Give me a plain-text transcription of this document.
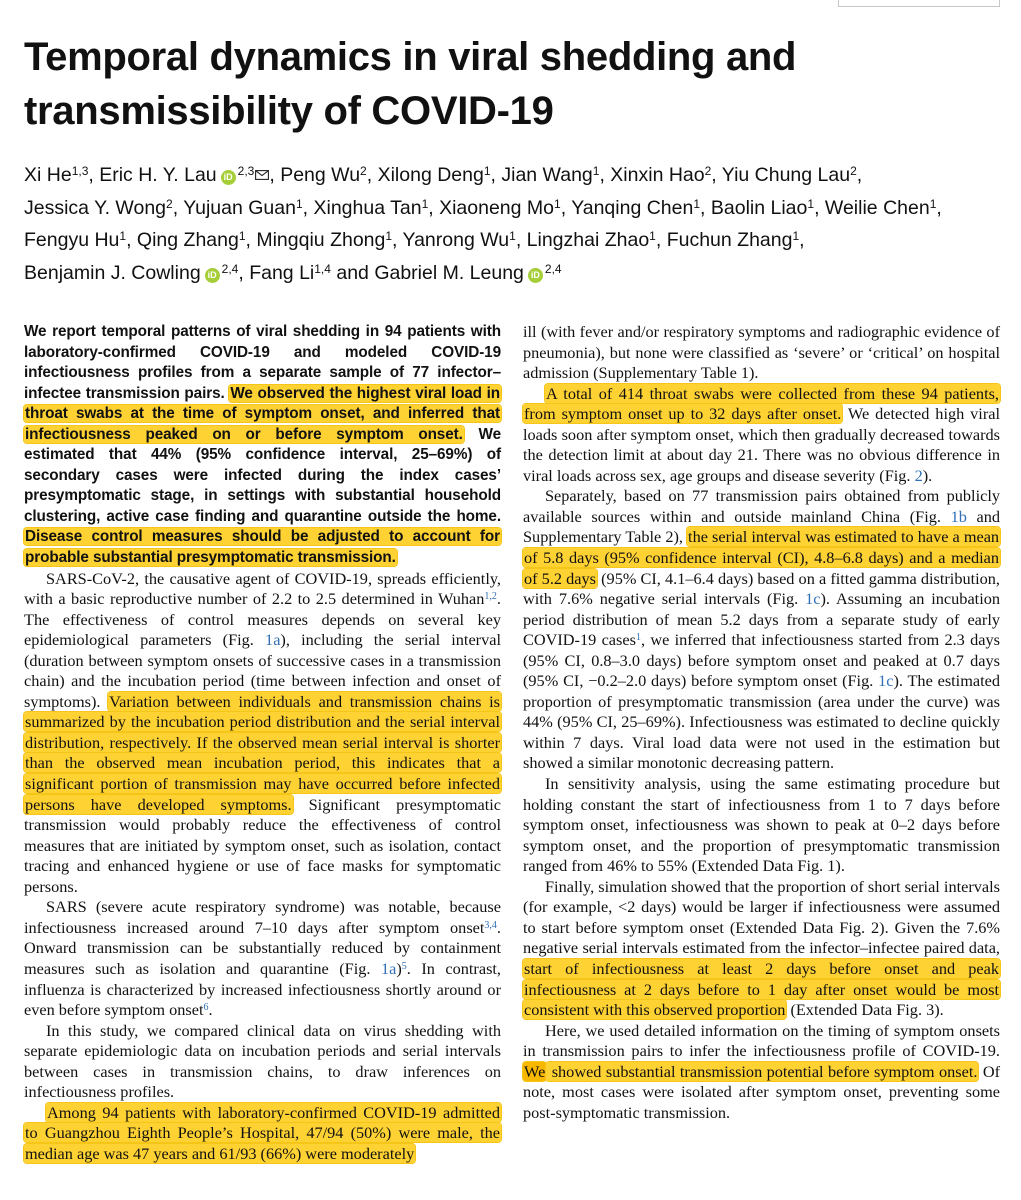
Temporal dynamics in viral shedding and transmissibility of COVID-19
Xi He$^{1,3}$, Eric H. Y. Lau iD $^{2,3}$ , Peng Wu$^2$, Xilong Deng$^1$, Jian Wang$^1$, Xinxin Hao$^2$, Yiu Chung Lau$^2$, Jessica Y. Wong$^2$, Yujuan Guan$^1$, Xinghua Tan$^1$, Xiaoneng Mo$^1$, Yanqing Chen$^1$, Baolin Liao$^1$, Weilie Chen$^1$, Fengyu Hu$^1$, Qing Zhang$^1$, Mingqiu Zhong$^1$, Yanrong Wu$^1$, Lingzhai Zhao$^1$, Fuchun Zhang$^1$, Benjamin J. Cowling iD $^{2,4}$, Fang Li$^{1,4}$ and Gabriel M. Leung iD $^{2,4}$

We report temporal patterns of viral shedding in 94 patients with laboratory-confirmed COVID-19 and modeled COVID-19 infectiousness profiles from a separate sample of 77 infector–infectee transmission pairs. We observed the highest viral load in throat swabs at the time of symptom onset, and inferred that infectiousness peaked on or before symptom onset. We estimated that 44% (95% confidence interval, 25–69%) of secondary cases were infected during the index cases’ presymptomatic stage, in settings with substantial household clustering, active case finding and quarantine outside the home. Disease control measures should be adjusted to account for probable substantial presymptomatic transmission.

SARS-CoV-2, the causative agent of COVID-19, spreads efficiently, with a basic reproductive number of 2.2 to 2.5 determined in Wuhan$^{1,2}$. The effectiveness of control measures depends on several key epidemiological parameters (Fig. 1a), including the serial interval (duration between symptom onsets of successive cases in a transmission chain) and the incubation period (time between infection and onset of symptoms). Variation between individuals and transmission chains is summarized by the incubation period distribution and the serial interval distribution, respectively. If the observed mean serial interval is shorter than the observed mean incubation period, this indicates that a significant portion of transmission may have occurred before infected persons have developed symptoms. Significant presymptomatic transmission would probably reduce the effectiveness of control measures that are initiated by symptom onset, such as isolation, contact tracing and enhanced hygiene or use of face masks for symptomatic persons.

SARS (severe acute respiratory syndrome) was notable, because infectiousness increased around 7–10 days after symptom onset$^{3,4}$. Onward transmission can be substantially reduced by containment measures such as isolation and quarantine (Fig. 1a)$^5$. In contrast, influenza is characterized by increased infectiousness shortly around or even before symptom onset$^6$.

In this study, we compared clinical data on virus shedding with separate epidemiologic data on incubation periods and serial intervals between cases in transmission chains, to draw inferences on infectiousness profiles.

Among 94 patients with laboratory-confirmed COVID-19 admitted to Guangzhou Eighth People’s Hospital, 47/94 (50%) were male, the median age was 47 years and 61/93 (66%) were moderately

ill (with fever and/or respiratory symptoms and radiographic evidence of pneumonia), but none were classified as ‘severe’ or ‘critical’ on hospital admission (Supplementary Table 1).

A total of 414 throat swabs were collected from these 94 patients, from symptom onset up to 32 days after onset. We detected high viral loads soon after symptom onset, which then gradually decreased towards the detection limit at about day 21. There was no obvious difference in viral loads across sex, age groups and disease severity (Fig. 2).

Separately, based on 77 transmission pairs obtained from publicly available sources within and outside mainland China (Fig. 1b and Supplementary Table 2), the serial interval was estimated to have a mean of 5.8 days (95% confidence interval (CI), 4.8–6.8 days) and a median of 5.2 days (95% CI, 4.1–6.4 days) based on a fitted gamma distribution, with 7.6% negative serial intervals (Fig. 1c). Assuming an incubation period distribution of mean 5.2 days from a separate study of early COVID-19 cases$^1$, we inferred that infectiousness started from 2.3 days (95% CI, 0.8–3.0 days) before symptom onset and peaked at 0.7 days (95% CI, −0.2–2.0 days) before symptom onset (Fig. 1c). The estimated proportion of presymptomatic transmission (area under the curve) was 44% (95% CI, 25–69%). Infectiousness was estimated to decline quickly within 7 days. Viral load data were not used in the estimation but showed a similar monotonic decreasing pattern.

In sensitivity analysis, using the same estimating procedure but holding constant the start of infectiousness from 1 to 7 days before symptom onset, infectiousness was shown to peak at 0–2 days before symptom onset, and the proportion of presymptomatic transmission ranged from 46% to 55% (Extended Data Fig. 1).

Finally, simulation showed that the proportion of short serial intervals (for example, <2 days) would be larger if infectiousness were assumed to start before symptom onset (Extended Data Fig. 2). Given the 7.6% negative serial intervals estimated from the infector–infectee paired data, start of infectiousness at least 2 days before onset and peak infectiousness at 2 days before to 1 day after onset would be most consistent with this observed proportion (Extended Data Fig. 3).

Here, we used detailed information on the timing of symptom onsets in transmission pairs to infer the infectiousness profile of COVID-19. We showed substantial transmission potential before symptom onset. Of note, most cases were isolated after symptom onset, preventing some post-symptomatic transmission.
